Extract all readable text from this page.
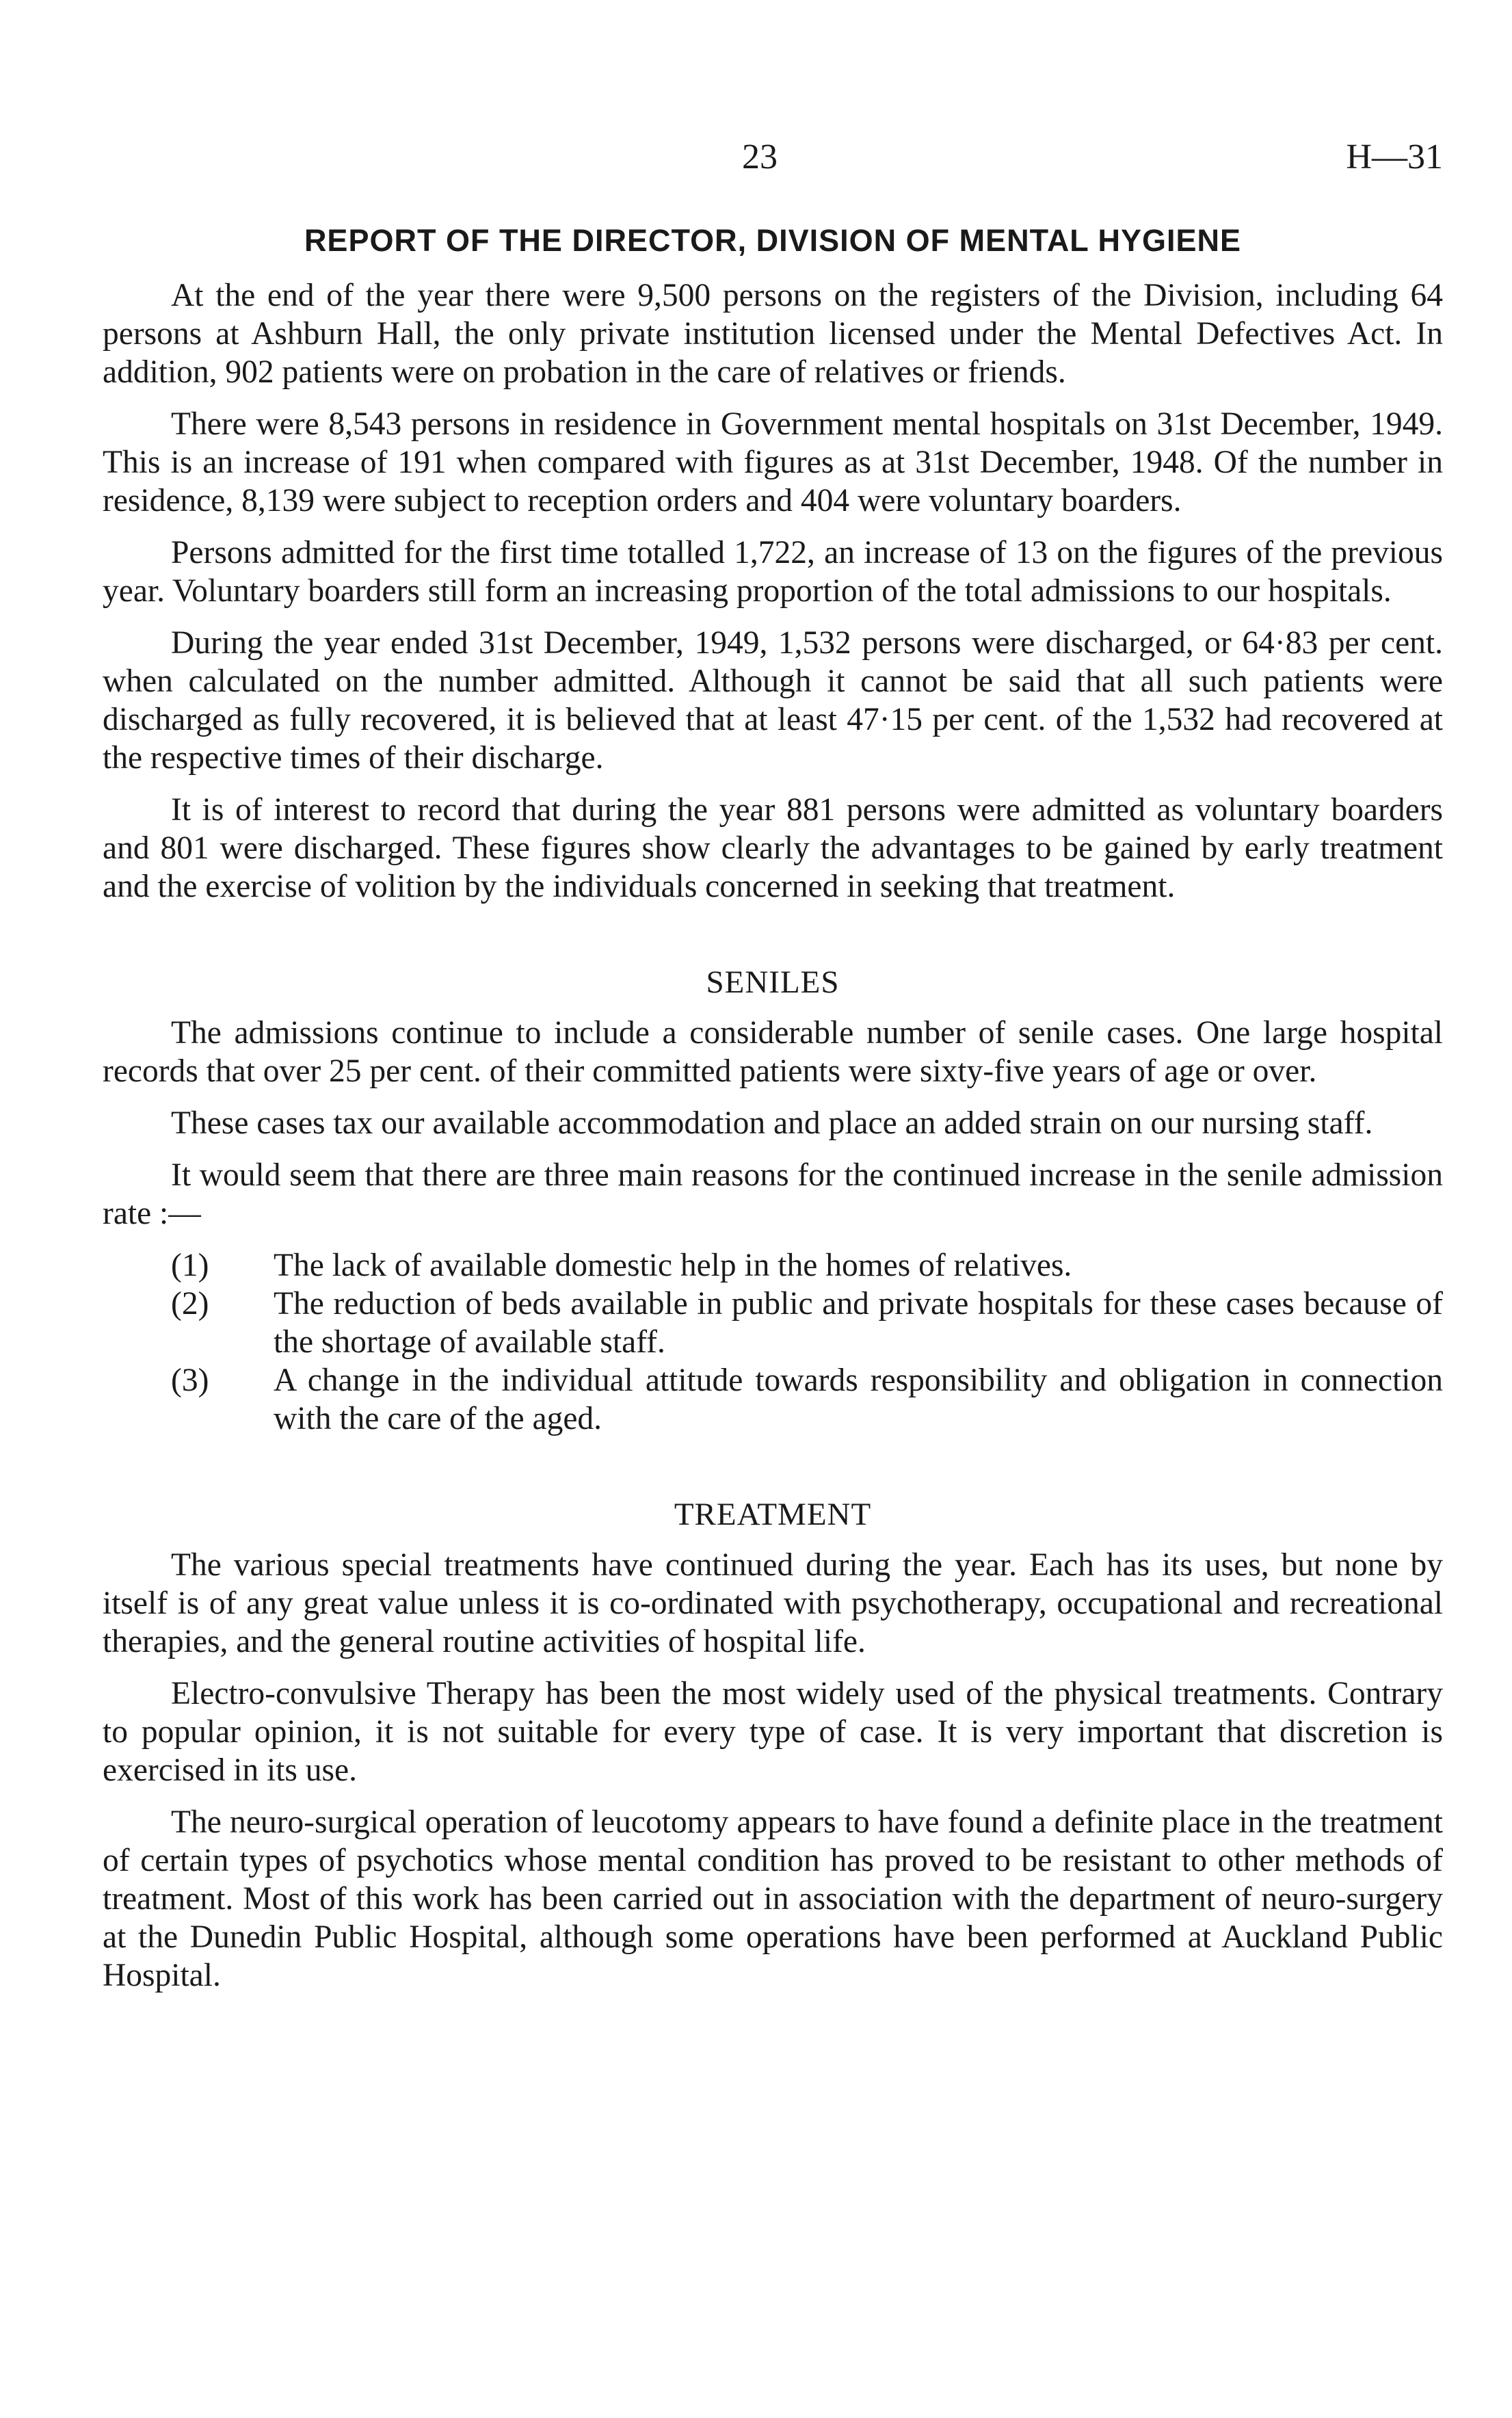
23	H—31
REPORT OF THE DIRECTOR, DIVISION OF MENTAL HYGIENE

At the end of the year there were 9,500 persons on the registers of the Division, including 64 persons at Ashburn Hall, the only private institution licensed under the Mental Defectives Act. In addition, 902 patients were on probation in the care of relatives or friends.

There were 8,543 persons in residence in Government mental hospitals on 31st December, 1949. This is an increase of 191 when compared with figures as at 31st December, 1948. Of the number in residence, 8,139 were subject to reception orders and 404 were voluntary boarders.

Persons admitted for the first time totalled 1,722, an increase of 13 on the figures of the previous year. Voluntary boarders still form an increasing proportion of the total admissions to our hospitals.

During the year ended 31st December, 1949, 1,532 persons were discharged, or 64·83 per cent. when calculated on the number admitted. Although it cannot be said that all such patients were discharged as fully recovered, it is believed that at least 47·15 per cent. of the 1,532 had recovered at the respective times of their discharge.

It is of interest to record that during the year 881 persons were admitted as voluntary boarders and 801 were discharged. These figures show clearly the advantages to be gained by early treatment and the exercise of volition by the individuals concerned in seeking that treatment.

SENILES

The admissions continue to include a considerable number of senile cases. One large hospital records that over 25 per cent. of their committed patients were sixty-five years of age or over.

These cases tax our available accommodation and place an added strain on our nursing staff.

It would seem that there are three main reasons for the continued increase in the senile admission rate :—

(1) The lack of available domestic help in the homes of relatives.
(2) The reduction of beds available in public and private hospitals for these cases because of the shortage of available staff.
(3) A change in the individual attitude towards responsibility and obligation in connection with the care of the aged.
TREATMENT

The various special treatments have continued during the year. Each has its uses, but none by itself is of any great value unless it is co-ordinated with psychotherapy, occupational and recreational therapies, and the general routine activities of hospital life.

Electro-convulsive Therapy has been the most widely used of the physical treatments. Contrary to popular opinion, it is not suitable for every type of case. It is very important that discretion is exercised in its use.

The neuro-surgical operation of leucotomy appears to have found a definite place in the treatment of certain types of psychotics whose mental condition has proved to be resistant to other methods of treatment. Most of this work has been carried out in association with the department of neuro-surgery at the Dunedin Public Hospital, although some operations have been performed at Auckland Public Hospital.
